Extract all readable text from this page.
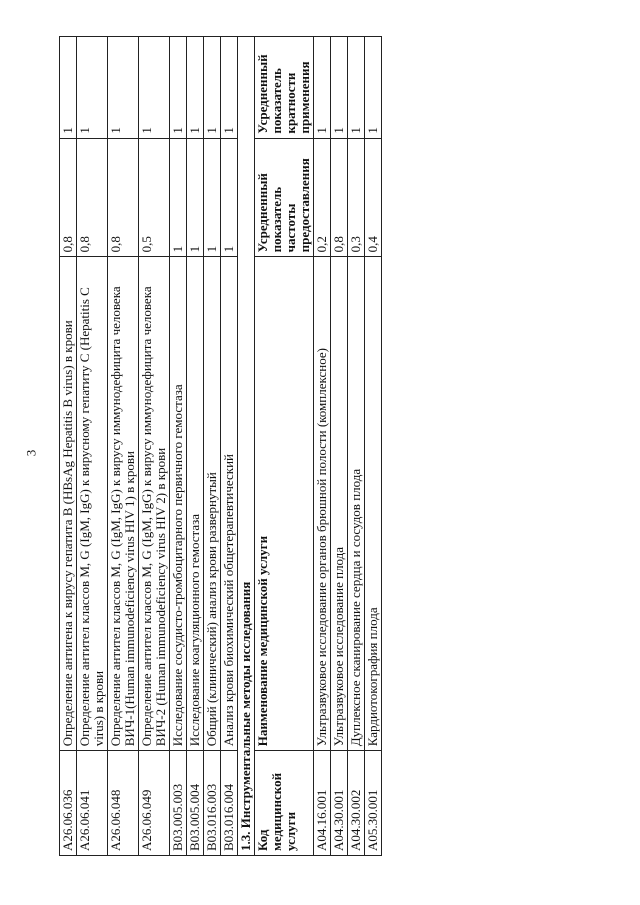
3
A26.06.036	Определение антигена к вирусу гепатита В (HBsAg Hepatitis В virus) в крови	0,8	1
A26.06.041	Определение антител классов М, G (IgM, IgG) к вирусному гепатиту С (Hepatitis С virus) в крови	0,8	1
A26.06.048	Определение антител классов М, G (IgM, IgG) к вирусу иммунодефицита человека ВИЧ-1(Human immunodeficiency virus HIV 1) в крови	0,8	1
A26.06.049	Определение антител классов М, G (IgM, IgG) к вирусу иммунодефицита человека ВИЧ-2 (Human immunodeficiency virus HIV 2) в крови	0,5	1
B03.005.003	Исследование сосудисто-тромбоцитарного первичного гемостаза	1	1
B03.005.004	Исследование коагуляционного гемостаза	1	1
B03.016.003	Общий (клинический) анализ крови развернутый	1	1
B03.016.004	Анализ крови биохимический общетерапевтический	1	1
1.3. Инструментальные методы исследования			
Код медицинской услуги	Наименование медицинской услуги	Усредненный показатель частоты предоставления	Усредненный показатель кратности применения
A04.16.001	Ультразвуковое исследование органов брюшной полости (комплексное)	0,2	1
A04.30.001	Ультразвуковое исследование плода	0,8	1
A04.30.002	Дуплексное сканирование сердца и сосудов плода	0,3	1
A05.30.001	Кардиотокография плода	0,4	1
